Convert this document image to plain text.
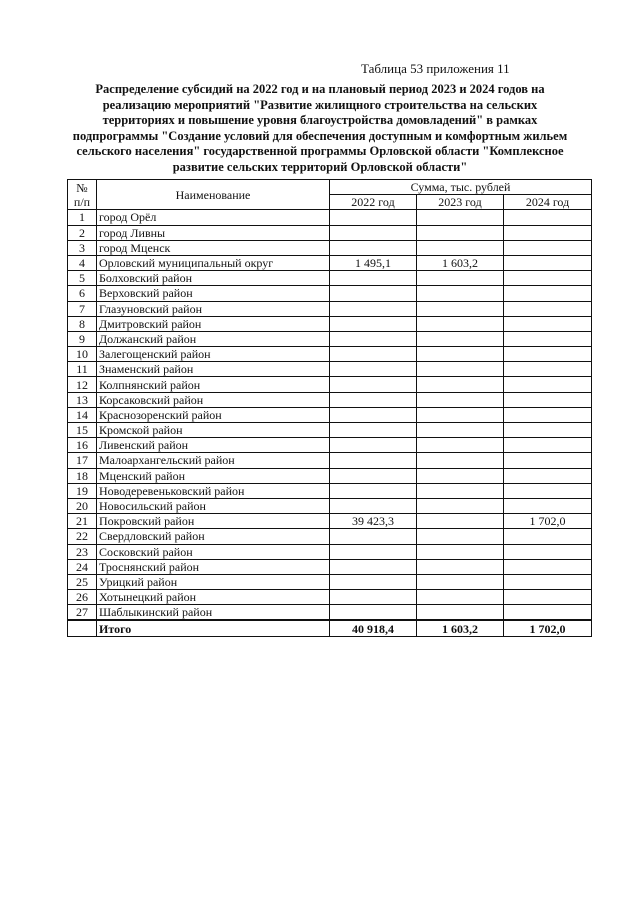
Таблица 53 приложения 11
Распределение субсидий на 2022 год и на плановый период 2023 и 2024 годов на
реализацию мероприятий "Развитие жилищного строительства на сельских
территориях и повышение уровня благоустройства домовладений" в рамках
подпрограммы "Создание условий для обеспечения доступным и комфортным жильем
сельского населения" государственной программы Орловской области "Комплексное
развитие сельских территорий Орловской области"
№
п/п	Наименование	Сумма, тыс. рублей		
		2022 год	2023 год	2024 год
1	город Орёл			
2	город Ливны			
3	город Мценск			
4	Орловский муниципальный округ	1 495,1	1 603,2	
5	Болховский район			
6	Верховский район			
7	Глазуновский район			
8	Дмитровский район			
9	Должанский район			
10	Залегощенский район			
11	Знаменский район			
12	Колпнянский район			
13	Корсаковский район			
14	Краснозоренский район			
15	Кромской район			
16	Ливенский район			
17	Малоархангельский район			
18	Мценский район			
19	Новодеревеньковский район			
20	Новосильский район			
21	Покровский район	39 423,3		1 702,0
22	Свердловский район			
23	Сосковский район			
24	Троснянский район			
25	Урицкий район			
26	Хотынецкий район			
27	Шаблыкинский район			
	Итого	40 918,4	1 603,2	1 702,0
